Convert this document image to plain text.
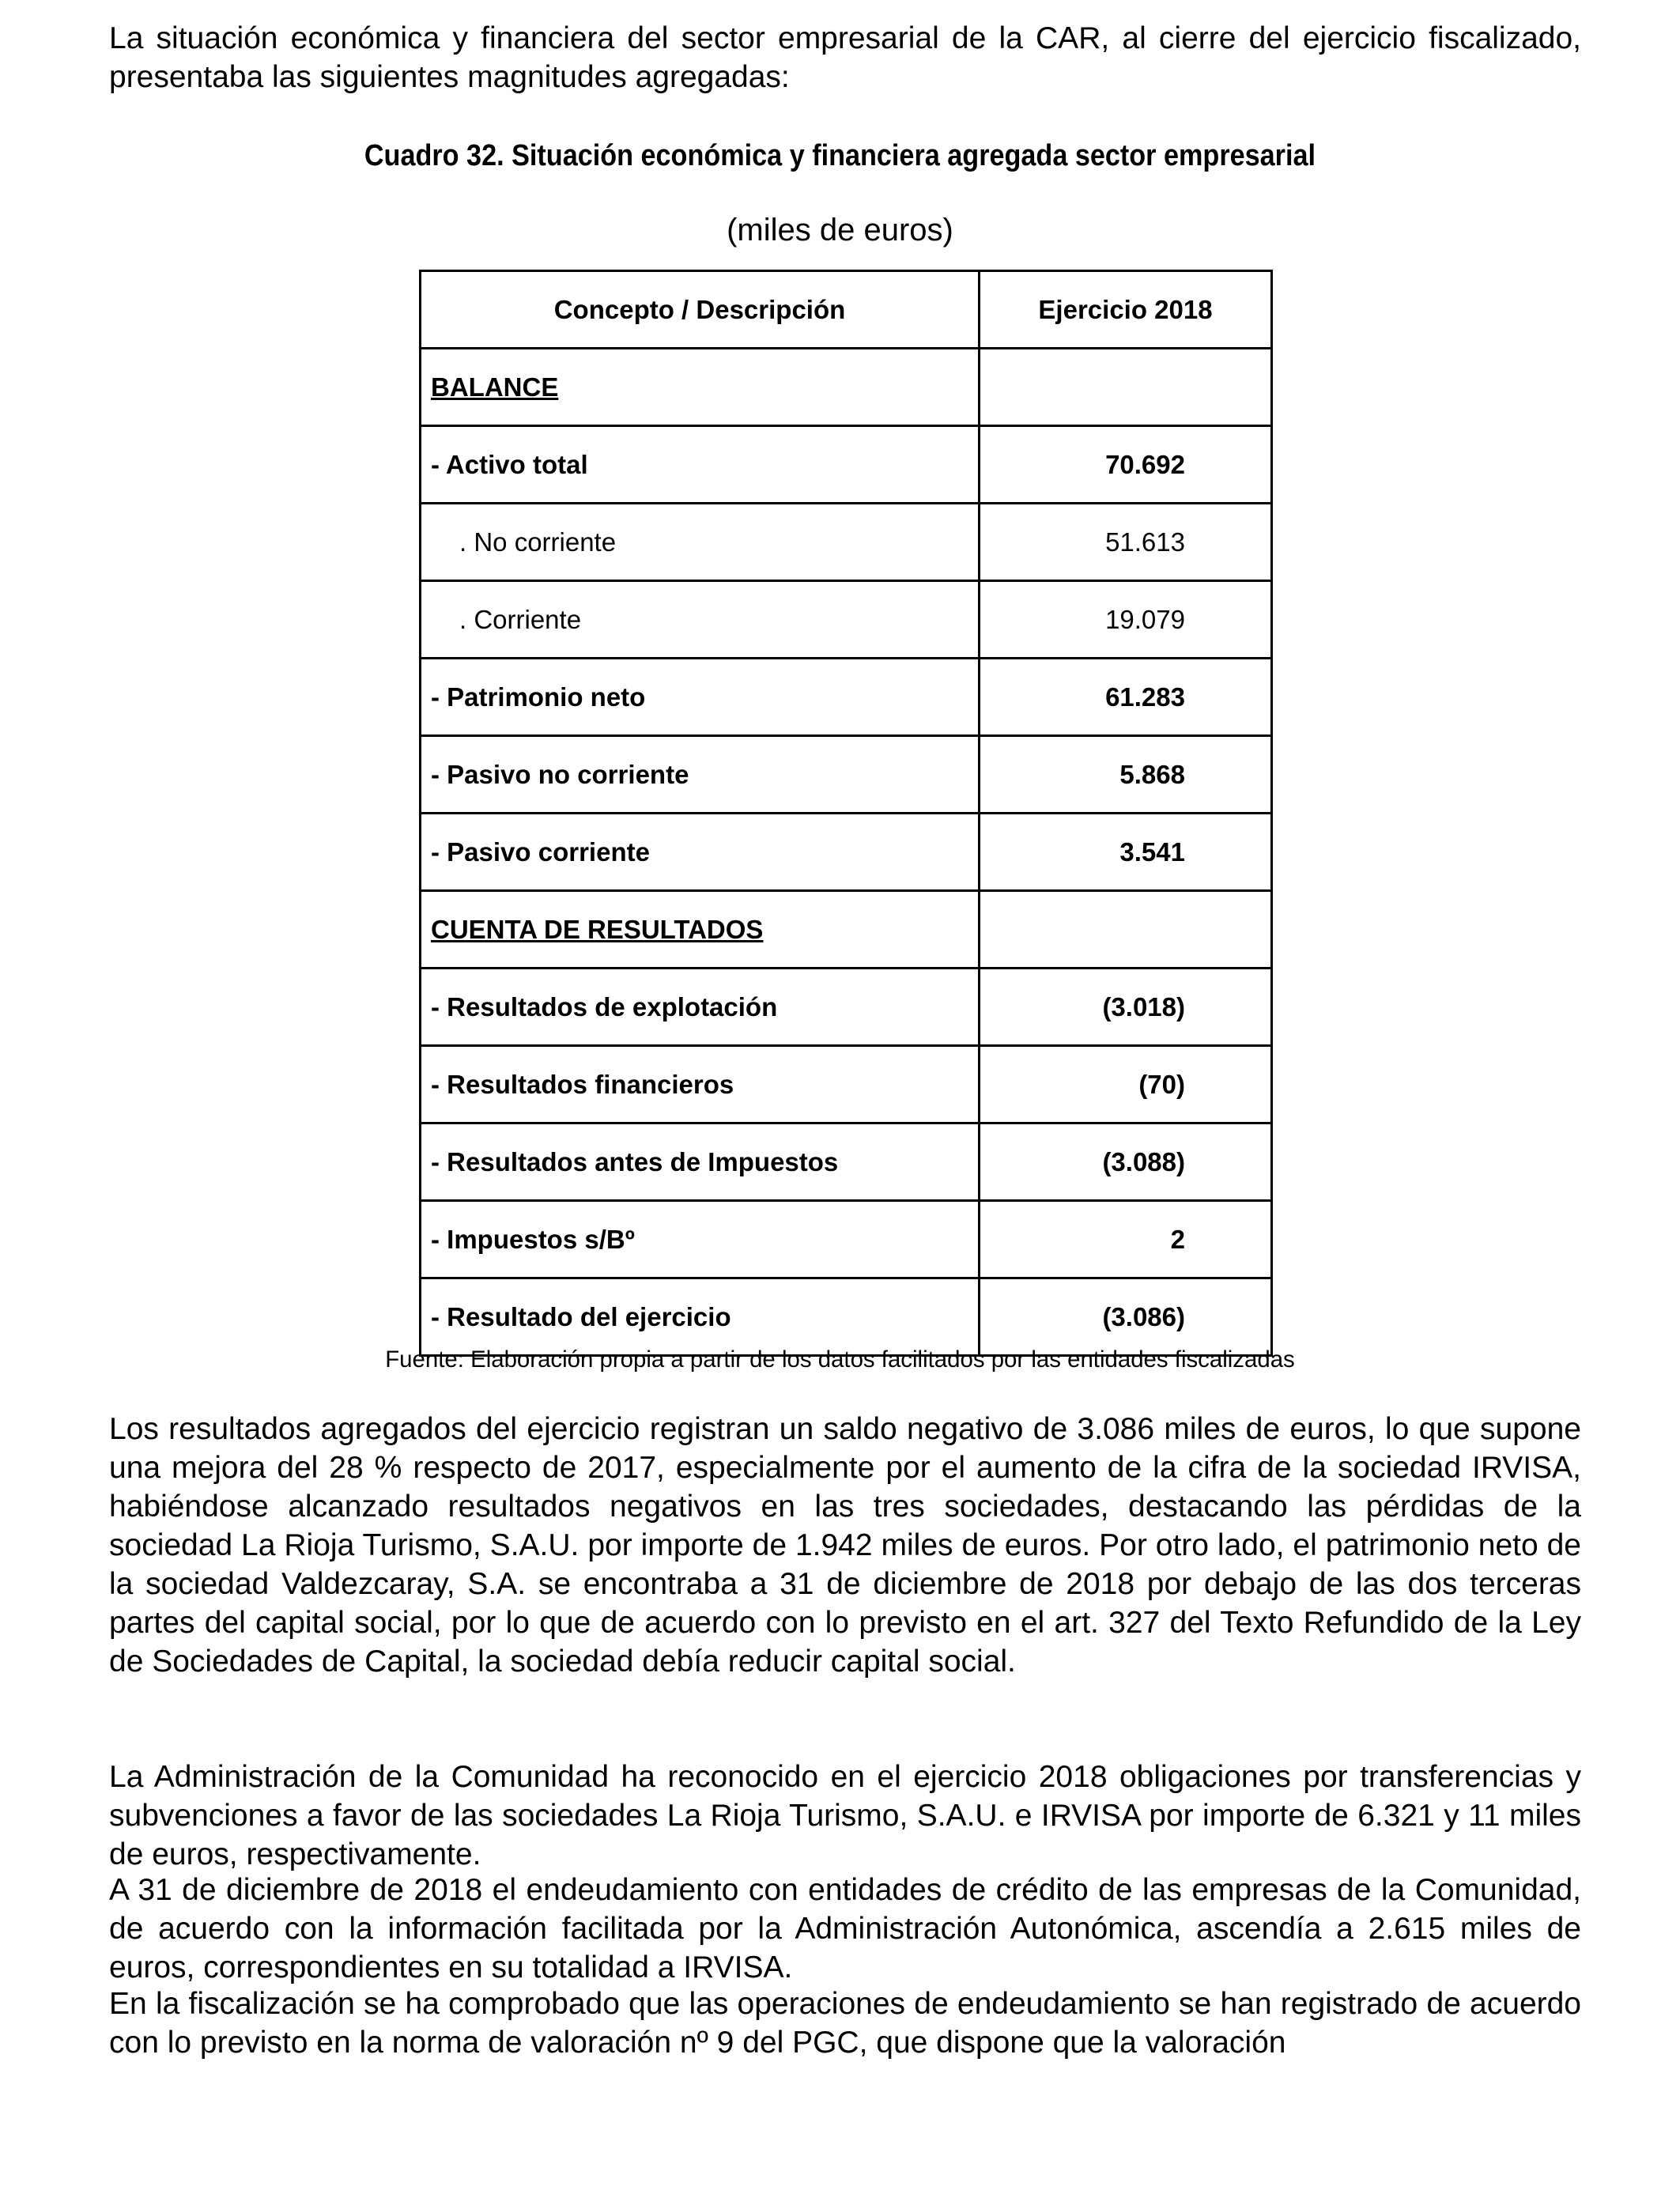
La situación económica y financiera del sector empresarial de la CAR, al cierre del ejercicio fiscalizado, presentaba las siguientes magnitudes agregadas:

Cuadro 32. Situación económica y financiera agregada sector empresarial
(miles de euros)
Concepto / Descripción	Ejercicio 2018
BALANCE	
- Activo total	70.692
. No corriente	51.613
. Corriente	19.079
- Patrimonio neto	61.283
- Pasivo no corriente	5.868
- Pasivo corriente	3.541
CUENTA DE RESULTADOS	
- Resultados de explotación	(3.018)
- Resultados financieros	(70)
- Resultados antes de Impuestos	(3.088)
- Impuestos s/Bº	2
- Resultado del ejercicio	(3.086)
Fuente: Elaboración propia a partir de los datos facilitados por las entidades fiscalizadas

Los resultados agregados del ejercicio registran un saldo negativo de 3.086 miles de euros, lo que supone una mejora del 28 % respecto de 2017, especialmente por el aumento de la cifra de la sociedad IRVISA, habiéndose alcanzado resultados negativos en las tres sociedades, destacando las pérdidas de la sociedad La Rioja Turismo, S.A.U. por importe de 1.942 miles de euros. Por otro lado, el patrimonio neto de la sociedad Valdezcaray, S.A. se encontraba a 31 de diciembre de 2018 por debajo de las dos terceras partes del capital social, por lo que de acuerdo con lo previsto en el art. 327 del Texto Refundido de la Ley de Sociedades de Capital, la sociedad debía reducir capital social.

La Administración de la Comunidad ha reconocido en el ejercicio 2018 obligaciones por transferencias y subvenciones a favor de las sociedades La Rioja Turismo, S.A.U. e IRVISA por importe de 6.321 y 11 miles de euros, respectivamente.

A 31 de diciembre de 2018 el endeudamiento con entidades de crédito de las empresas de la Comunidad, de acuerdo con la información facilitada por la Administración Autonómica, ascendía a 2.615 miles de euros, correspondientes en su totalidad a IRVISA.

En la fiscalización se ha comprobado que las operaciones de endeudamiento se han registrado de acuerdo con lo previsto en la norma de valoración nº 9 del PGC, que dispone que la valoración
